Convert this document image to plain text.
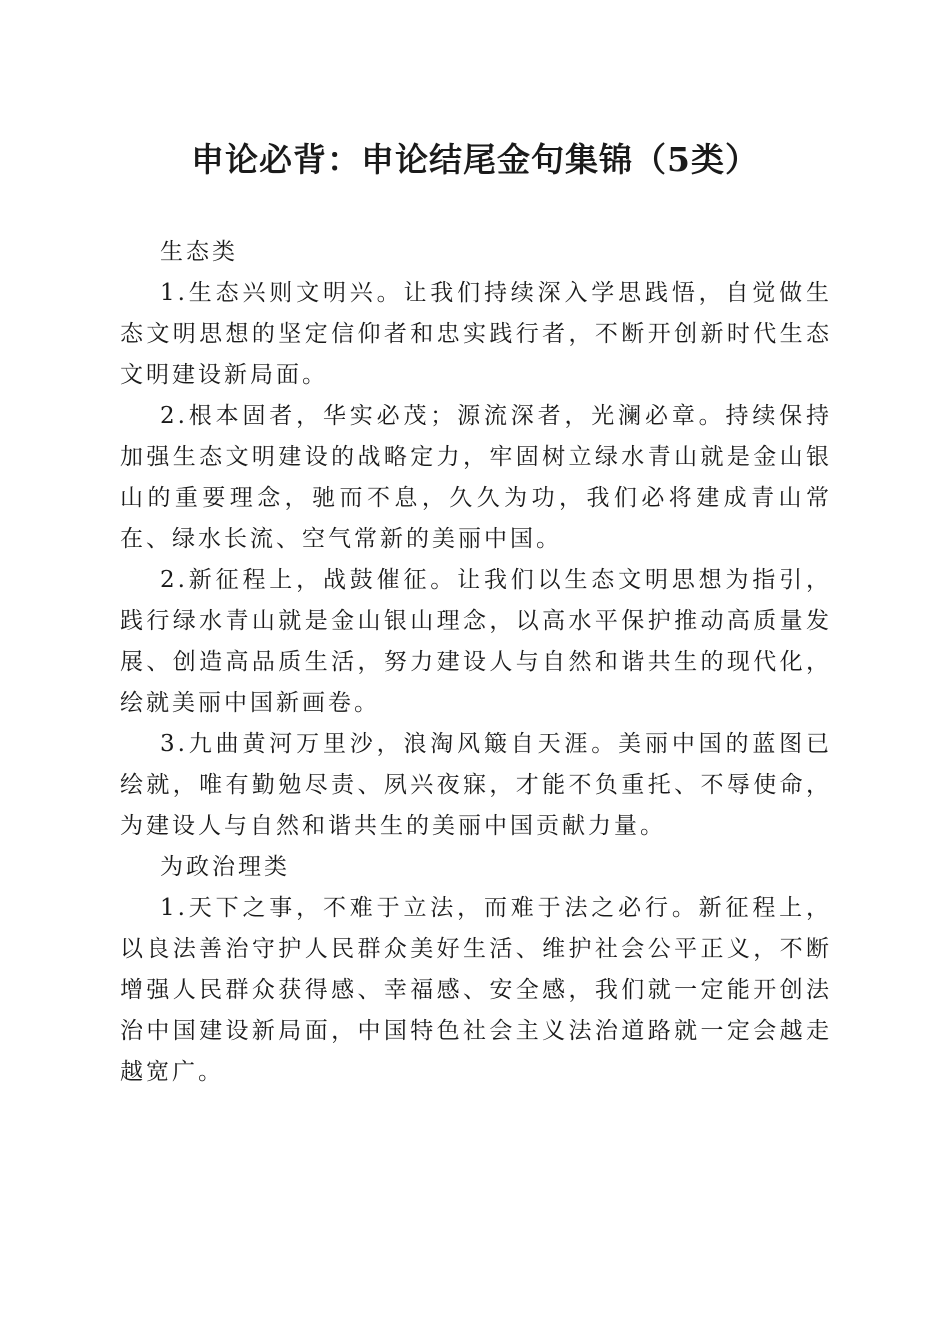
申论必背：申论结尾金句集锦（5类）

生态类

1.生态兴则文明兴。让我们持续深入学思践悟，自觉做生态文明思想的坚定信仰者和忠实践行者，不断开创新时代生态文明建设新局面。

2.根本固者，华实必茂；源流深者，光澜必章。持续保持加强生态文明建设的战略定力，牢固树立绿水青山就是金山银山的重要理念，驰而不息，久久为功，我们必将建成青山常在、绿水长流、空气常新的美丽中国。

2.新征程上，战鼓催征。让我们以生态文明思想为指引，践行绿水青山就是金山银山理念，以高水平保护推动高质量发展、创造高品质生活，努力建设人与自然和谐共生的现代化，绘就美丽中国新画卷。

3.九曲黄河万里沙，浪淘风簸自天涯。美丽中国的蓝图已绘就，唯有勤勉尽责、夙兴夜寐，才能不负重托、不辱使命，为建设人与自然和谐共生的美丽中国贡献力量。

为政治理类

1.天下之事，不难于立法，而难于法之必行。新征程上，以良法善治守护人民群众美好生活、维护社会公平正义，不断增强人民群众获得感、幸福感、安全感，我们就一定能开创法治中国建设新局面，中国特色社会主义法治道路就一定会越走越宽广。
